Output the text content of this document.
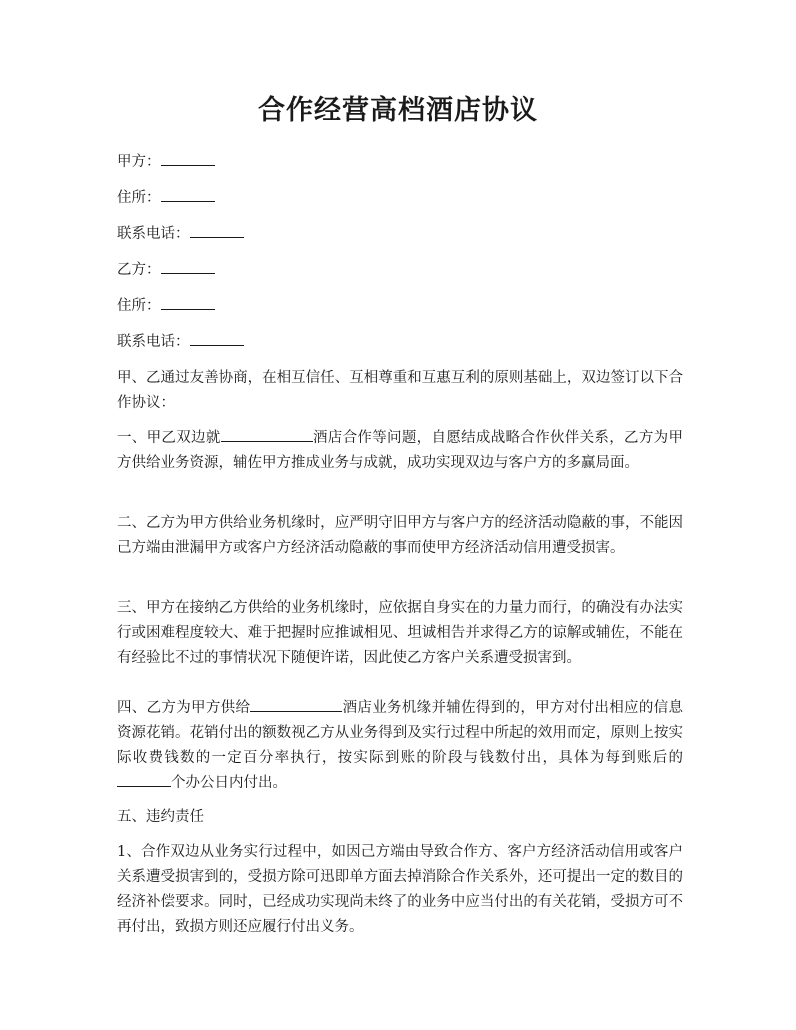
合作经营高档酒店协议
甲方：
住所：
联系电话：
乙方：
住所：
联系电话：

甲、乙通过友善协商，在相互信任、互相尊重和互惠互利的原则基础上，双边签订以下合作协议：

一、甲乙双边就	酒店合作等问题，自愿结成战略合作伙伴关系，乙方为甲方供给业务资源，辅佐甲方推成业务与成就，成功实现双边与客户方的多赢局面。

二、乙方为甲方供给业务机缘时，应严明守旧甲方与客户方的经济活动隐蔽的事，不能因己方端由泄漏甲方或客户方经济活动隐蔽的事而使甲方经济活动信用遭受损害。

三、甲方在接纳乙方供给的业务机缘时，应依据自身实在的力量力而行，的确没有办法实行或困难程度较大、难于把握时应推诚相见、坦诚相告并求得乙方的谅解或辅佐，不能在有经验比不过的事情状况下随便许诺，因此使乙方客户关系遭受损害到。

四、乙方为甲方供给	酒店业务机缘并辅佐得到的，甲方对付出相应的信息资源花销。花销付出的额数视乙方从业务得到及实行过程中所起的效用而定，原则上按实际收费钱数的一定百分率执行，按实际到账的阶段与钱数付出，具体为每到账后的个办公日内付出。

五、违约责任

1、合作双边从业务实行过程中，如因己方端由导致合作方、客户方经济活动信用或客户关系遭受损害到的，受损方除可迅即单方面去掉消除合作关系外，还可提出一定的数目的经济补偿要求。同时，已经成功实现尚未终了的业务中应当付出的有关花销，受损方可不再付出，致损方则还应履行付出义务。
